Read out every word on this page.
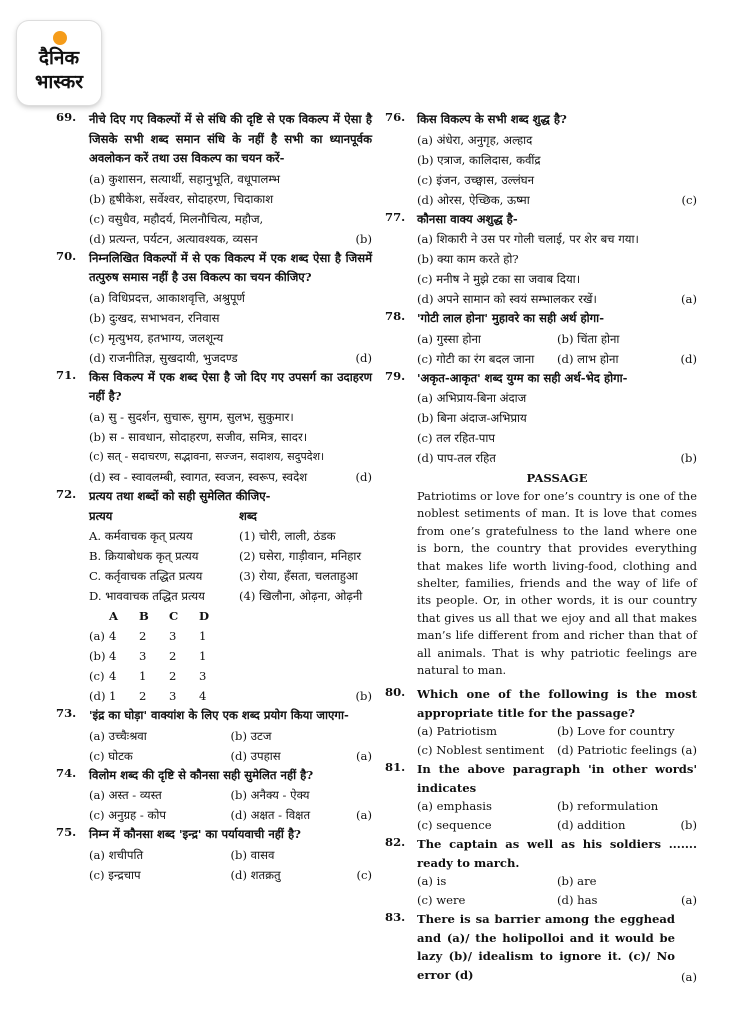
दैनिक
भास्कर
69. नीचे दिए गए विकल्पों में से संधि की दृष्टि से एक विकल्प में ऐसा है जिसके सभी शब्द समान संधि के नहीं है सभी का ध्यानपूर्वक अवलोकन करें तथा उस विकल्प का चयन करें-
(a) कुशासन, सत्यार्थी, सहानुभूति, वधूपालम्भ
(b) हृषीकेश, सर्वेश्वर, सोदाहरण, चिदाकाश
(c) वसुधैव, महौदर्य, मिलनौचित्य, महौज,
(d) प्रत्यन्त, पर्यटन, अत्यावश्यक, व्यसन	(b)
70. निम्नलिखित विकल्पों में से एक विकल्प में एक शब्द ऐसा है जिसमें तत्पुरुष समास नहीं है उस विकल्प का चयन कीजिए?
(a) विधिप्रदत्त, आकाशवृत्ति, अश्रुपूर्ण
(b) दुःखद, सभाभवन, रनिवास
(c) मृत्युभय, हतभाग्य, जलशून्य
(d) राजनीतिज्ञ, सुखदायी, भुजदण्ड	(d)
71. किस विकल्प में एक शब्द ऐसा है जो दिए गए उपसर्ग का उदाहरण नहीं है?
(a) सु - सुदर्शन, सुचारू, सुगम, सुलभ, सुकुमार।
(b) स - सावधान, सोदाहरण, सजीव, समित्र, सादर।
(c) सत् - सदाचरण, सद्भावना, सज्जन, सदाशय, सदुपदेश।
(d) स्व - स्वावलम्बी, स्वागत, स्वजन, स्वरूप, स्वदेश	(d)
72. प्रत्यय तथा शब्दों को सही सुमेलित कीजिए-
प्रत्यय	शब्द
A. कर्मवाचक कृत् प्रत्यय	(1) चोरी, लाली, ठंडक
B. क्रियाबोधक कृत् प्रत्यय	(2) घसेरा, गाड़ीवान, मनिहार
C. कर्तृवाचक तद्धित प्रत्यय	(3) रोया, हँसता, चलताहुआ
D. भाववाचक तद्धित प्रत्यय	(4) खिलौना, ओढ़ना, ओढ़नी
A	B	C	D
(a) 4	2	3	1
(b) 4	3	2	1
(c) 4	1	2	3
(d) 1	2	3	4	(b)
73. 'इंद्र का घोड़ा' वाक्यांश के लिए एक शब्द प्रयोग किया जाएगा-
(a) उच्चैःश्रवा	(b) उटज
(c) घोटक	(d) उपहास	(a)
74. विलोम शब्द की दृष्टि से कौनसा सही सुमेलित नहीं है?
(a) अस्त - व्यस्त	(b) अनैक्य - ऐक्य
(c) अनुग्रह - कोप	(d) अक्षत - विक्षत	(a)
75. निम्न में कौनसा शब्द 'इन्द्र' का पर्यायवाची नहीं है?
(a) शचीपति	(b) वासव
(c) इन्द्रचाप	(d) शतक्रतु	(c)
76. किस विकल्प के सभी शब्द शुद्ध है?
(a) अंधेरा, अनुगृह, अल्हाद
(b) एत्राज, कालिदास, कवींद्र
(c) इंजन, उच्छ्वास, उल्लंघन
(d) ओरस, ऐच्छिक, ऊष्मा	(c)
77. कौनसा वाक्य अशुद्ध है-
(a) शिकारी ने उस पर गोली चलाई, पर शेर बच गया।
(b) क्या काम करते हो?
(c) मनीष ने मुझे टका सा जवाब दिया।
(d) अपने सामान को स्वयं सम्भालकर रखें।	(a)
78. 'गोटी लाल होना' मुहावरे का सही अर्थ होगा-
(a) गुस्सा होना	(b) चिंता होना
(c) गोटी का रंग बदल जाना	(d) लाभ होना	(d)
79. 'अकृत-आकृत' शब्द युग्म का सही अर्थ-भेद होगा-
(a) अभिप्राय-बिना अंदाज
(b) बिना अंदाज-अभिप्राय
(c) तल रहित-पाप
(d) पाप-तल रहित	(b)
PASSAGE
Patriotims or love for one’s country is one of the noblest setiments of man. It is love that comes from one’s gratefulness to the land where one is born, the country that provides everything that makes life worth living-food, clothing and shelter, families, friends and the way of life of its people. Or, in other words, it is our country that gives us all that we ejoy and all that makes man’s life different from and richer than that of all animals. That is why patriotic feelings are natural to man.
80. Which one of the following is the most appropriate title for the passage?
(a) Patriotism	(b) Love for country
(c) Noblest sentiment	(d) Patriotic feelings (a)
81. In the above paragraph 'in other words' indicates
(a) emphasis	(b) reformulation
(c) sequence	(d) addition	(b)
82. The captain as well as his soldiers ....... ready to march.
(a) is	(b) are
(c) were	(d) has	(a)
83. There is sa barrier among the egghead and (a)/ the holipolloi and it would be lazy (b)/ idealism to ignore it. (c)/ No error (d)	(a)
